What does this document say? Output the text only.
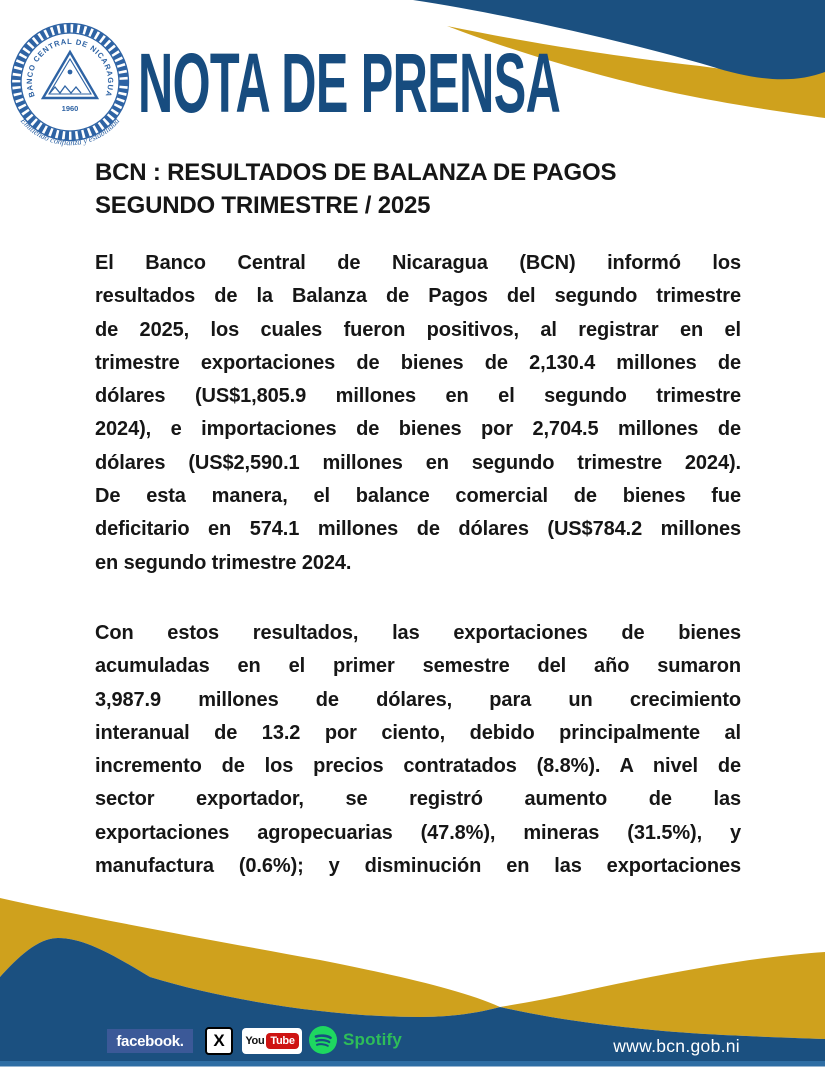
BANCO CENTRAL DE NICARAGUA
1960
Emitiendo confianza y estabilidad NOTA DE PRENSA
BCN : RESULTADOS DE BALANZA DE PAGOS
SEGUNDO TRIMESTRE / 2025
El Banco Central de Nicaragua (BCN) informó los
resultados de la Balanza de Pagos del segundo trimestre
de 2025, los cuales fueron positivos, al registrar en el
trimestre exportaciones de bienes de 2,130.4 millones de
dólares (US$1,805.9 millones en el segundo trimestre
2024), e importaciones de bienes por 2,704.5 millones de
dólares (US$2,590.1 millones en segundo trimestre 2024).
De esta manera, el balance comercial de bienes fue
deficitario en 574.1 millones de dólares (US$784.2 millones
en segundo trimestre 2024.
Con estos resultados, las exportaciones de bienes
acumuladas en el primer semestre del año sumaron
3,987.9 millones de dólares, para un crecimiento
interanual de 13.2 por ciento, debido principalmente al
incremento de los precios contratados (8.8%). A nivel de
sector exportador, se registró aumento de las
exportaciones agropecuarias (47.8%), mineras (31.5%), y
manufactura (0.6%); y disminución en las exportaciones
facebook. X You Tube	Spotify	www.bcn.gob.ni
